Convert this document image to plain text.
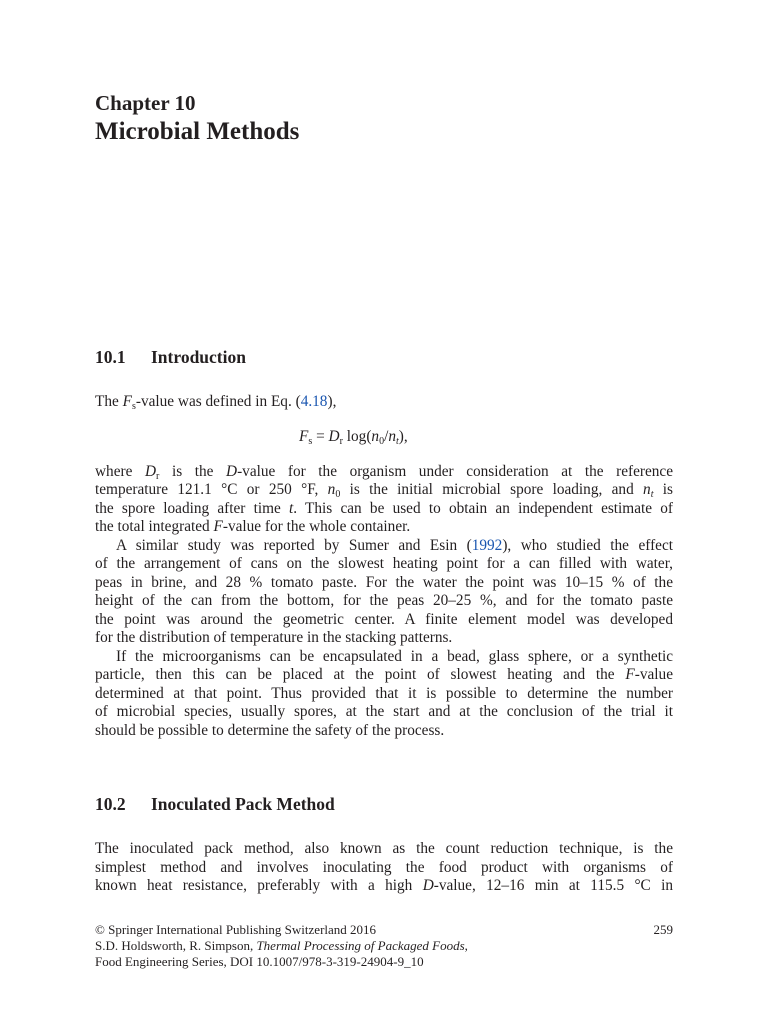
Chapter 10
Microbial Methods
10.1 Introduction
The $F_s$-value was defined in Eq. (4.18),
$F_s = D_r$ $\log(n_0/n_t)$,
where $D_r$ is the D-value for the organism under consideration at the reference
temperature 121.1 °C or 250 °F, $n_0$ is the initial microbial spore loading, and $n_t$ is
the spore loading after time t. This can be used to obtain an independent estimate of
the total integrated F-value for the whole container.
A similar study was reported by Sumer and Esin (1992), who studied the effect
of the arrangement of cans on the slowest heating point for a can filled with water,
peas in brine, and 28 % tomato paste. For the water the point was 10–15 % of the
height of the can from the bottom, for the peas 20–25 %, and for the tomato paste
the point was around the geometric center. A finite element model was developed
for the distribution of temperature in the stacking patterns.
If the microorganisms can be encapsulated in a bead, glass sphere, or a synthetic
particle, then this can be placed at the point of slowest heating and the F-value
determined at that point. Thus provided that it is possible to determine the number
of microbial species, usually spores, at the start and at the conclusion of the trial it
should be possible to determine the safety of the process.
10.2 Inoculated Pack Method
The inoculated pack method, also known as the count reduction technique, is the
simplest method and involves inoculating the food product with organisms of
known heat resistance, preferably with a high D-value, 12–16 min at 115.5 °C in
© Springer International Publishing Switzerland 2016	259
S.D. Holdsworth, R. Simpson, Thermal Processing of Packaged Foods,
Food Engineering Series, DOI 10.1007/978-3-319-24904-9_10
